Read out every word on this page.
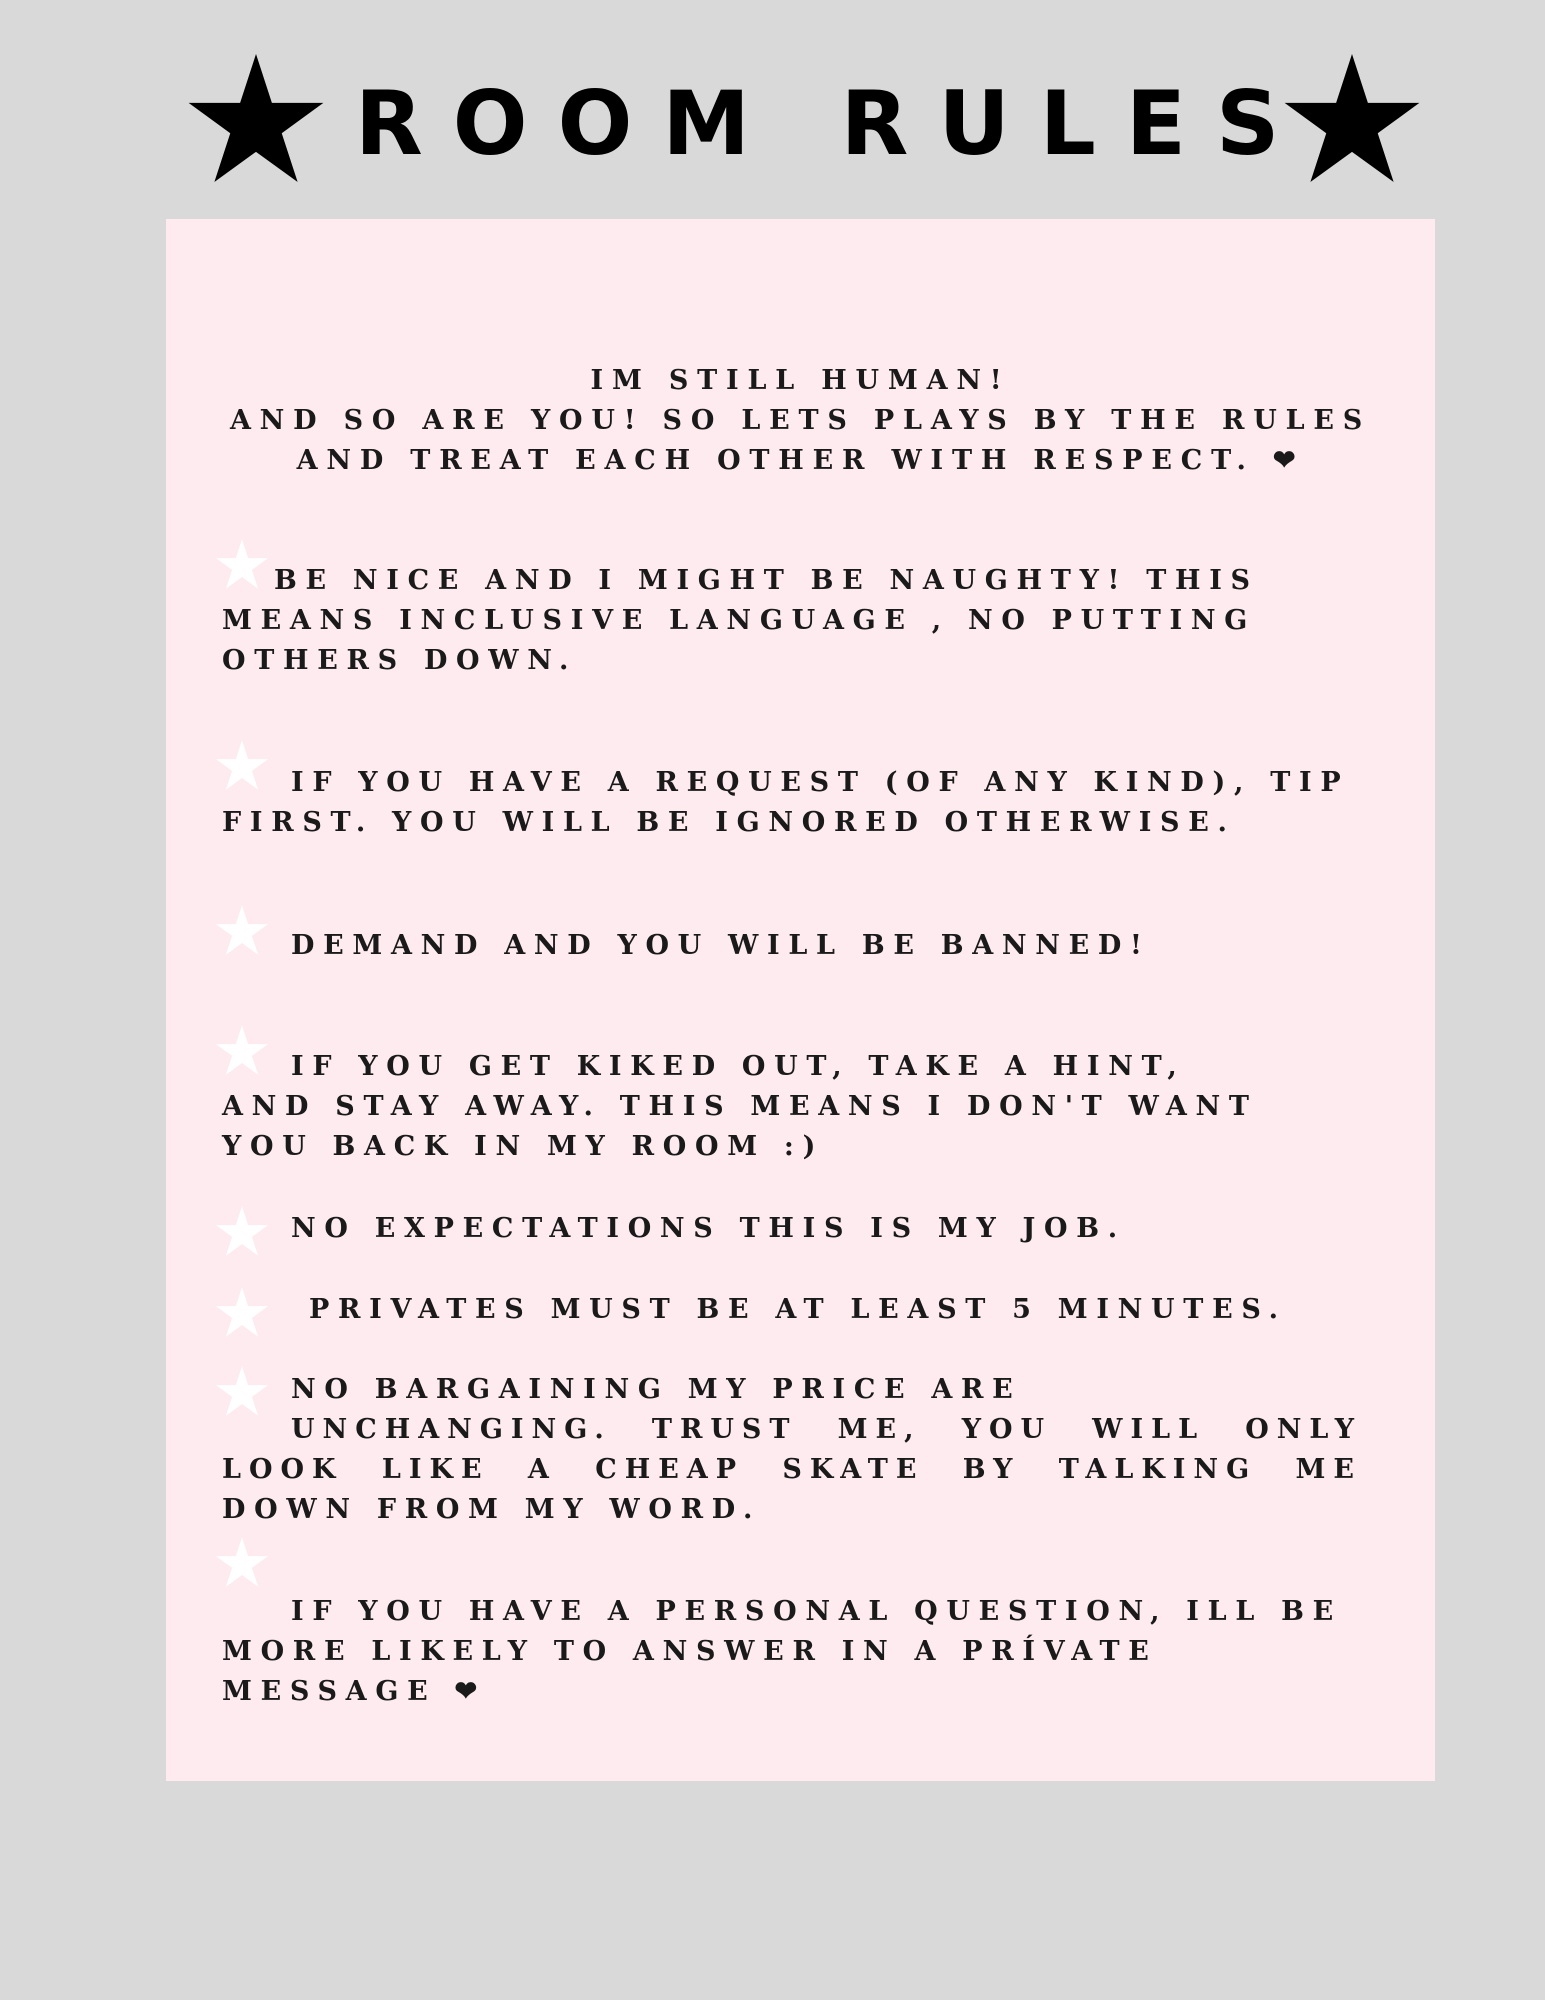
ROOM RULES
IM STILL HUMAN!
AND SO ARE YOU! SO LETS PLAYS BY THE RULES
AND TREAT EACH OTHER WITH RESPECT. ❤
BE NICE AND I MIGHT BE NAUGHTY! THIS
MEANS INCLUSIVE LANGUAGE , NO PUTTING
OTHERS DOWN.
IF YOU HAVE A REQUEST (OF ANY KIND), TIP
FIRST. YOU WILL BE IGNORED OTHERWISE.
DEMAND AND YOU WILL BE BANNED!
IF YOU GET KIKED OUT, TAKE A HINT,
AND STAY AWAY. THIS MEANS I DON'T WANT
YOU BACK IN MY ROOM :)
NO EXPECTATIONS THIS IS MY JOB.
PRIVATES MUST BE AT LEAST 5 MINUTES.
NO BARGAINING MY PRICE ARE
UNCHANGING. TRUST ME, YOU WILL ONLY
LOOK LIKE A CHEAP SKATE BY TALKING ME
DOWN FROM MY WORD.
IF YOU HAVE A PERSONAL QUESTION, ILL BE
MORE LIKELY TO ANSWER IN A PRÍVATE
MESSAGE ❤
